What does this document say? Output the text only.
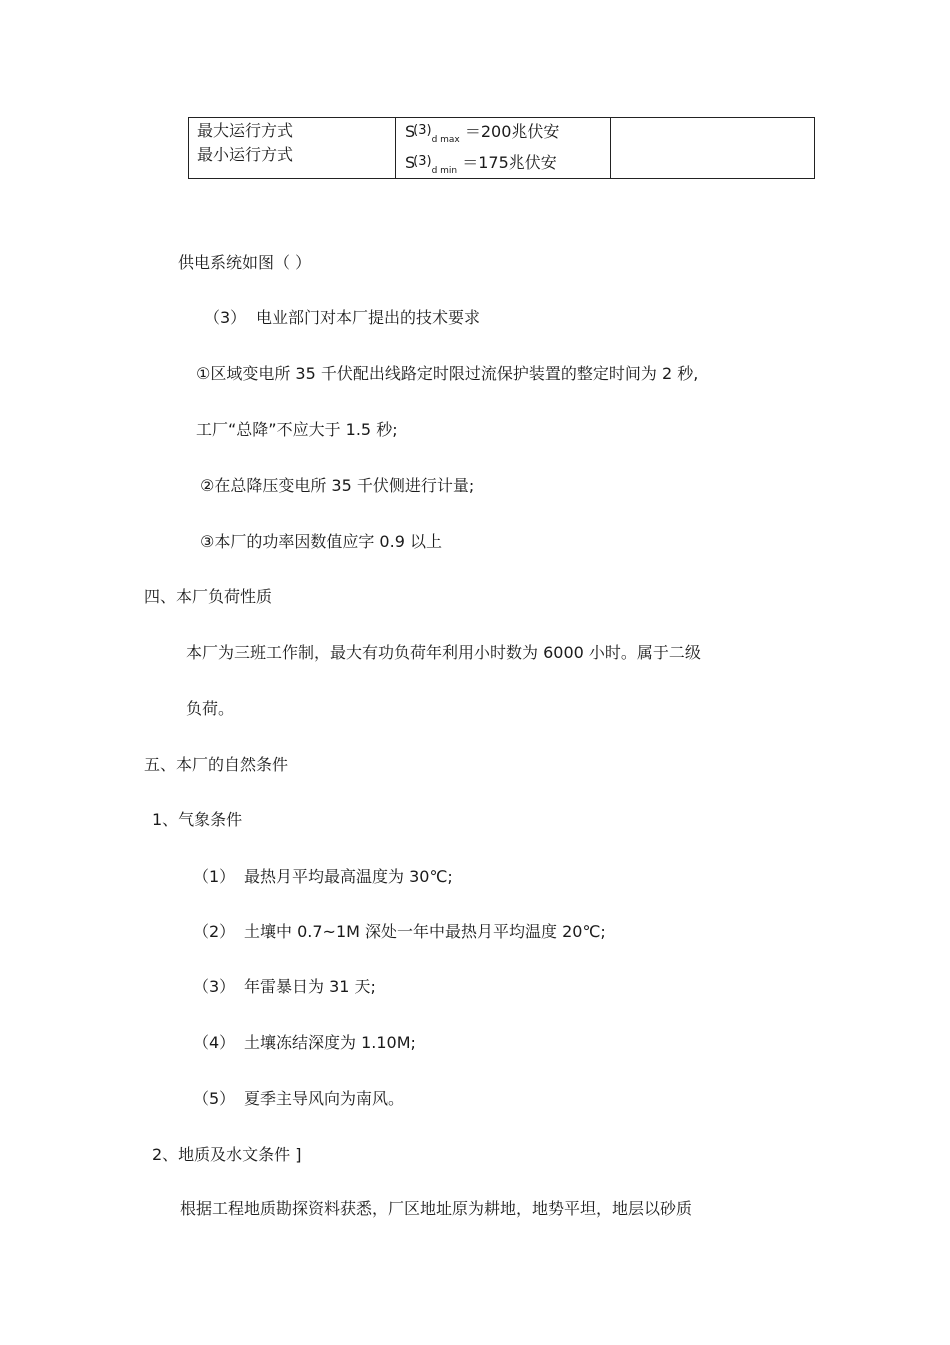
最大运行方式
最小运行方式
$S(3)_{d max} =200$兆伏安
$S(3)_{d min} =175$兆伏安
供电系统如图（ ）
（3） 电业部门对本厂提出的技术要求
①区域变电所 35 千伏配出线路定时限过流保护装置的整定时间为 2 秒,
工厂“总降”不应大于 1.5 秒;
②在总降压变电所 35 千伏侧进行计量;
③本厂的功率因数值应字 0.9 以上
四、本厂负荷性质
本厂为三班工作制，最大有功负荷年利用小时数为 6000 小时。属于二级
负荷。
五、本厂的自然条件
1、气象条件
（1） 最热月平均最高温度为 30℃;
（2） 土壤中 0.7~1M 深处一年中最热月平均温度 20℃;
（3） 年雷暴日为 31 天;
（4） 土壤冻结深度为 1.10M;
（5） 夏季主导风向为南风。
2、地质及水文条件 ]
根据工程地质勘探资料获悉，厂区地址原为耕地，地势平坦，地层以砂质
